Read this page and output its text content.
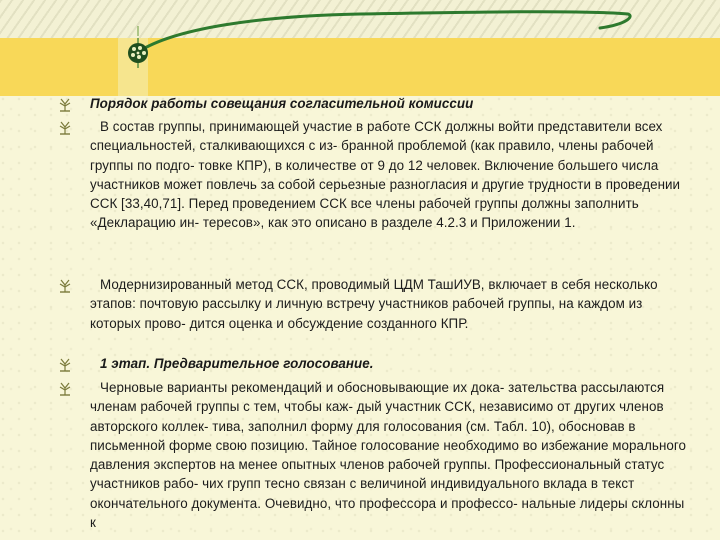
Порядок работы совещания согласительной комиссии
В состав группы, принимающей участие в работе ССК должны войти представители всех специальностей, сталкивающихся с из- бранной проблемой (как правило, члены рабочей группы по подго- товке КПР), в количестве от 9 до 12 человек. Включение большего числа участников может повлечь за собой серьезные разногласия и другие трудности в проведении ССК [33,40,71]. Перед проведением ССК все члены рабочей группы должны заполнить «Декларацию ин- тересов», как это описано в разделе 4.2.3 и Приложении 1.
Модернизированный метод ССК, проводимый ЦДМ ТашИУВ, включает в себя несколько этапов: почтовую рассылку и личную встречу участников рабочей группы, на каждом из которых прово- дится оценка и обсуждение созданного КПР.
1 этап. Предварительное голосование.
Черновые варианты рекомендаций и обосновывающие их дока- зательства рассылаются членам рабочей группы с тем, чтобы каж- дый участник ССК, независимо от других членов авторского коллек- тива, заполнил форму для голосования (см. Табл. 10), обосновав в письменной форме свою позицию. Тайное голосование необходимо во избежание морального давления экспертов на менее опытных членов рабочей группы. Профессиональный статус участников рабо- чих групп тесно связан с величиной индивидуального вклада в текст окончательного документа. Очевидно, что профессора и профессо- нальные лидеры склонны к
